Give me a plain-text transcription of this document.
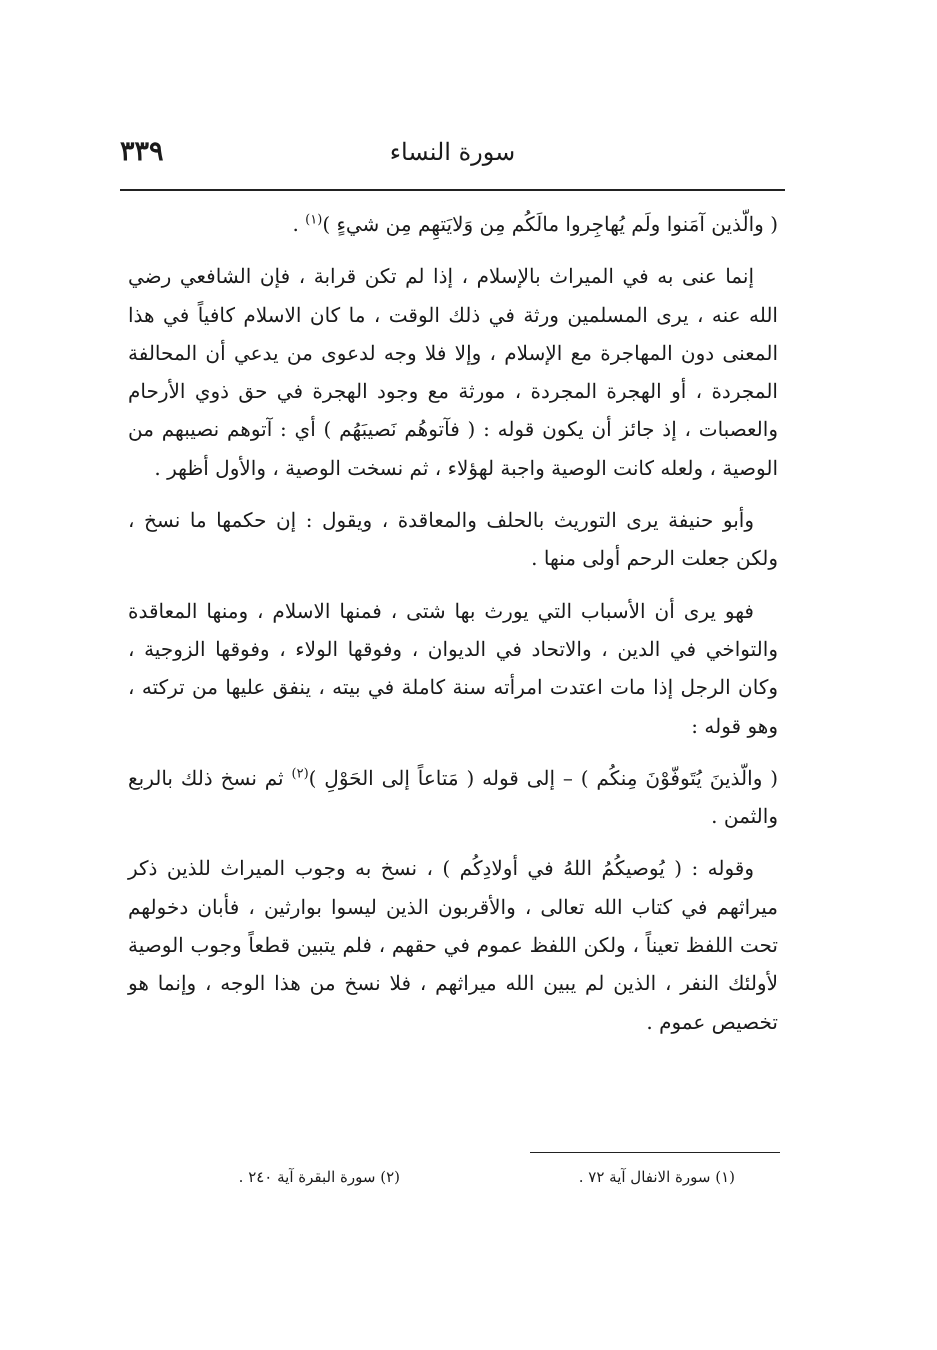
٣٣٩	سورة النساء

( والّذين آمَنوا ولَم يُهاجِروا مالَكُم مِن وَلايَتهِم مِن شيءٍ )$^{(١)}$ .

إنما عنى به في الميراث بالإسلام ، إذا لم تكن قرابة ، فإن الشافعي رضي الله عنه ، يرى المسلمين ورثة في ذلك الوقت ، ما كان الاسلام كافياً في هذا المعنى دون المهاجرة مع الإسلام ، وإلا فلا وجه لدعوى من يدعي أن المحالفة المجردة ، أو الهجرة المجردة ، مورثة مع وجود الهجرة في حق ذوي الأرحام والعصبات ، إذ جائز أن يكون قوله : ( فآتوهُم نَصيبَهُم ) أي : آتوهم نصيبهم من الوصية ، ولعله كانت الوصية واجبة لهؤلاء ، ثم نسخت الوصية ، والأول أظهر .

وأبو حنيفة يرى التوريث بالحلف والمعاقدة ، ويقول : إن حكمها ما نسخ ، ولكن جعلت الرحم أولى منها .

فهو يرى أن الأسباب التي يورث بها شتى ، فمنها الاسلام ، ومنها المعاقدة والتواخي في الدين ، والاتحاد في الديوان ، وفوقها الولاء ، وفوقها الزوجية ، وكان الرجل إذا مات اعتدت امرأته سنة كاملة في بيته ، ينفق عليها من تركته ، وهو قوله :

( والّذينَ يُتَوفّوْنَ مِنكُم ) – إلى قوله ( مَتاعاً إلى الحَوْلِ )$^{(٢)}$ ثم نسخ ذلك بالربع والثمن .

وقوله : ( يُوصيكُمُ اللهُ في أولادِكُم ) ، نسخ به وجوب الميراث للذين ذكر ميراثهم في كتاب الله تعالى ، والأقربون الذين ليسوا بوارثين ، فأبان دخولهم تحت اللفظ تعيناً ، ولكن اللفظ عموم في حقهم ، فلم يتبين قطعاً وجوب الوصية لأولئك النفر ، الذين لم يبين الله ميراثهم ، فلا نسخ من هذا الوجه ، وإنما هو تخصيص عموم .

(١) سورة الانفال آية ٧٢ .
(٢) سورة البقرة آية ٢٤٠ .
